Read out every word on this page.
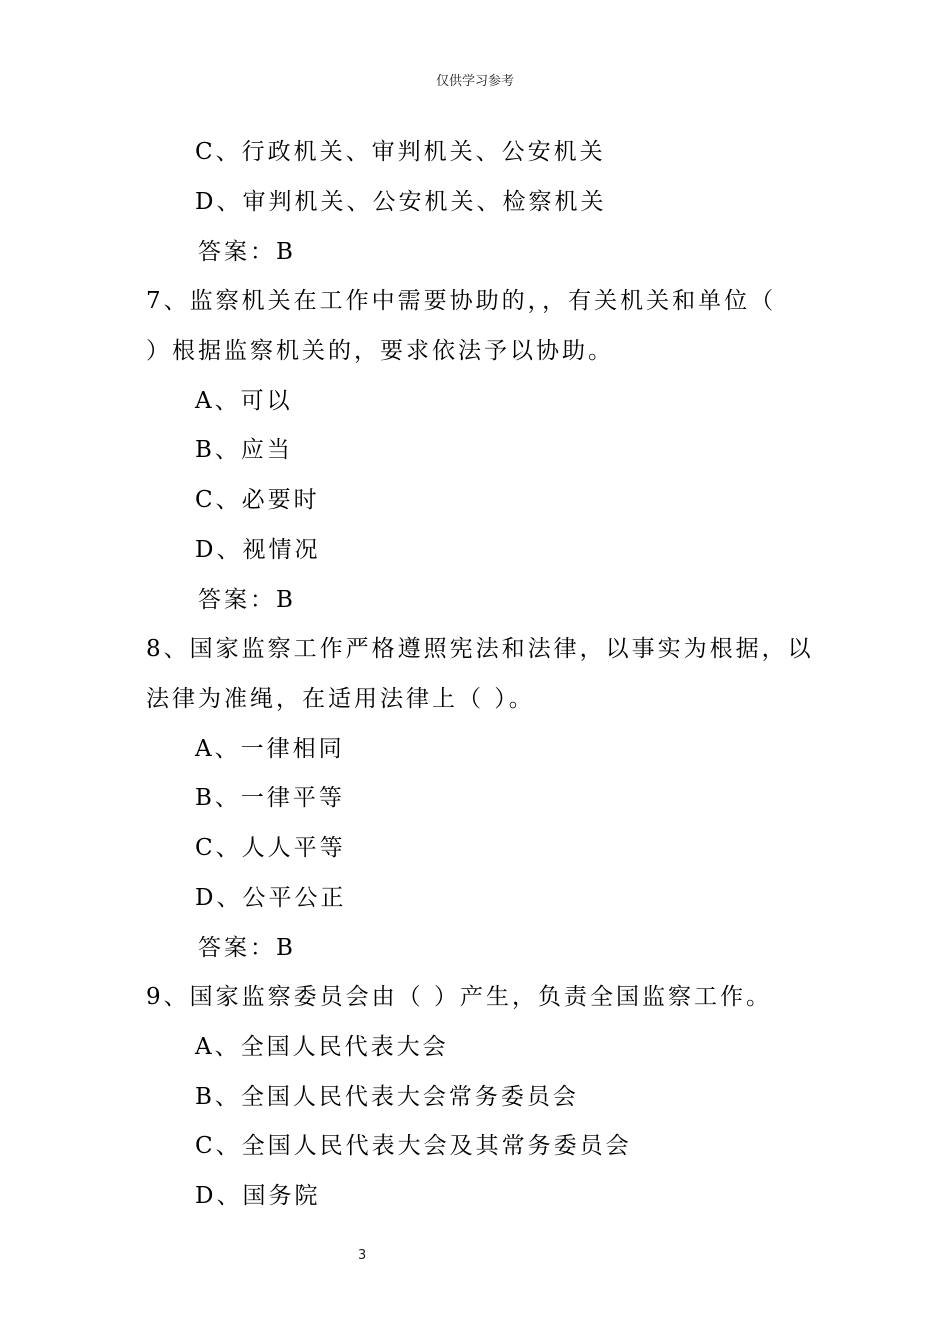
仅供学习参考
C、行政机关、审判机关、公安机关
D、审判机关、公安机关、检察机关
答案：B
7、监察机关在工作中需要协助的，，有关机关和单位（
）根据监察机关的，要求依法予以协助。
A、可以
B、应当
C、必要时
D、视情况
答案：B
8、国家监察工作严格遵照宪法和法律，以事实为根据，以
法律为准绳，在适用法律上（ ）。
A、一律相同
B、一律平等
C、人人平等
D、公平公正
答案：B
9、国家监察委员会由（ ）产生，负责全国监察工作。
A、全国人民代表大会
B、全国人民代表大会常务委员会
C、全国人民代表大会及其常务委员会
D、国务院
3
